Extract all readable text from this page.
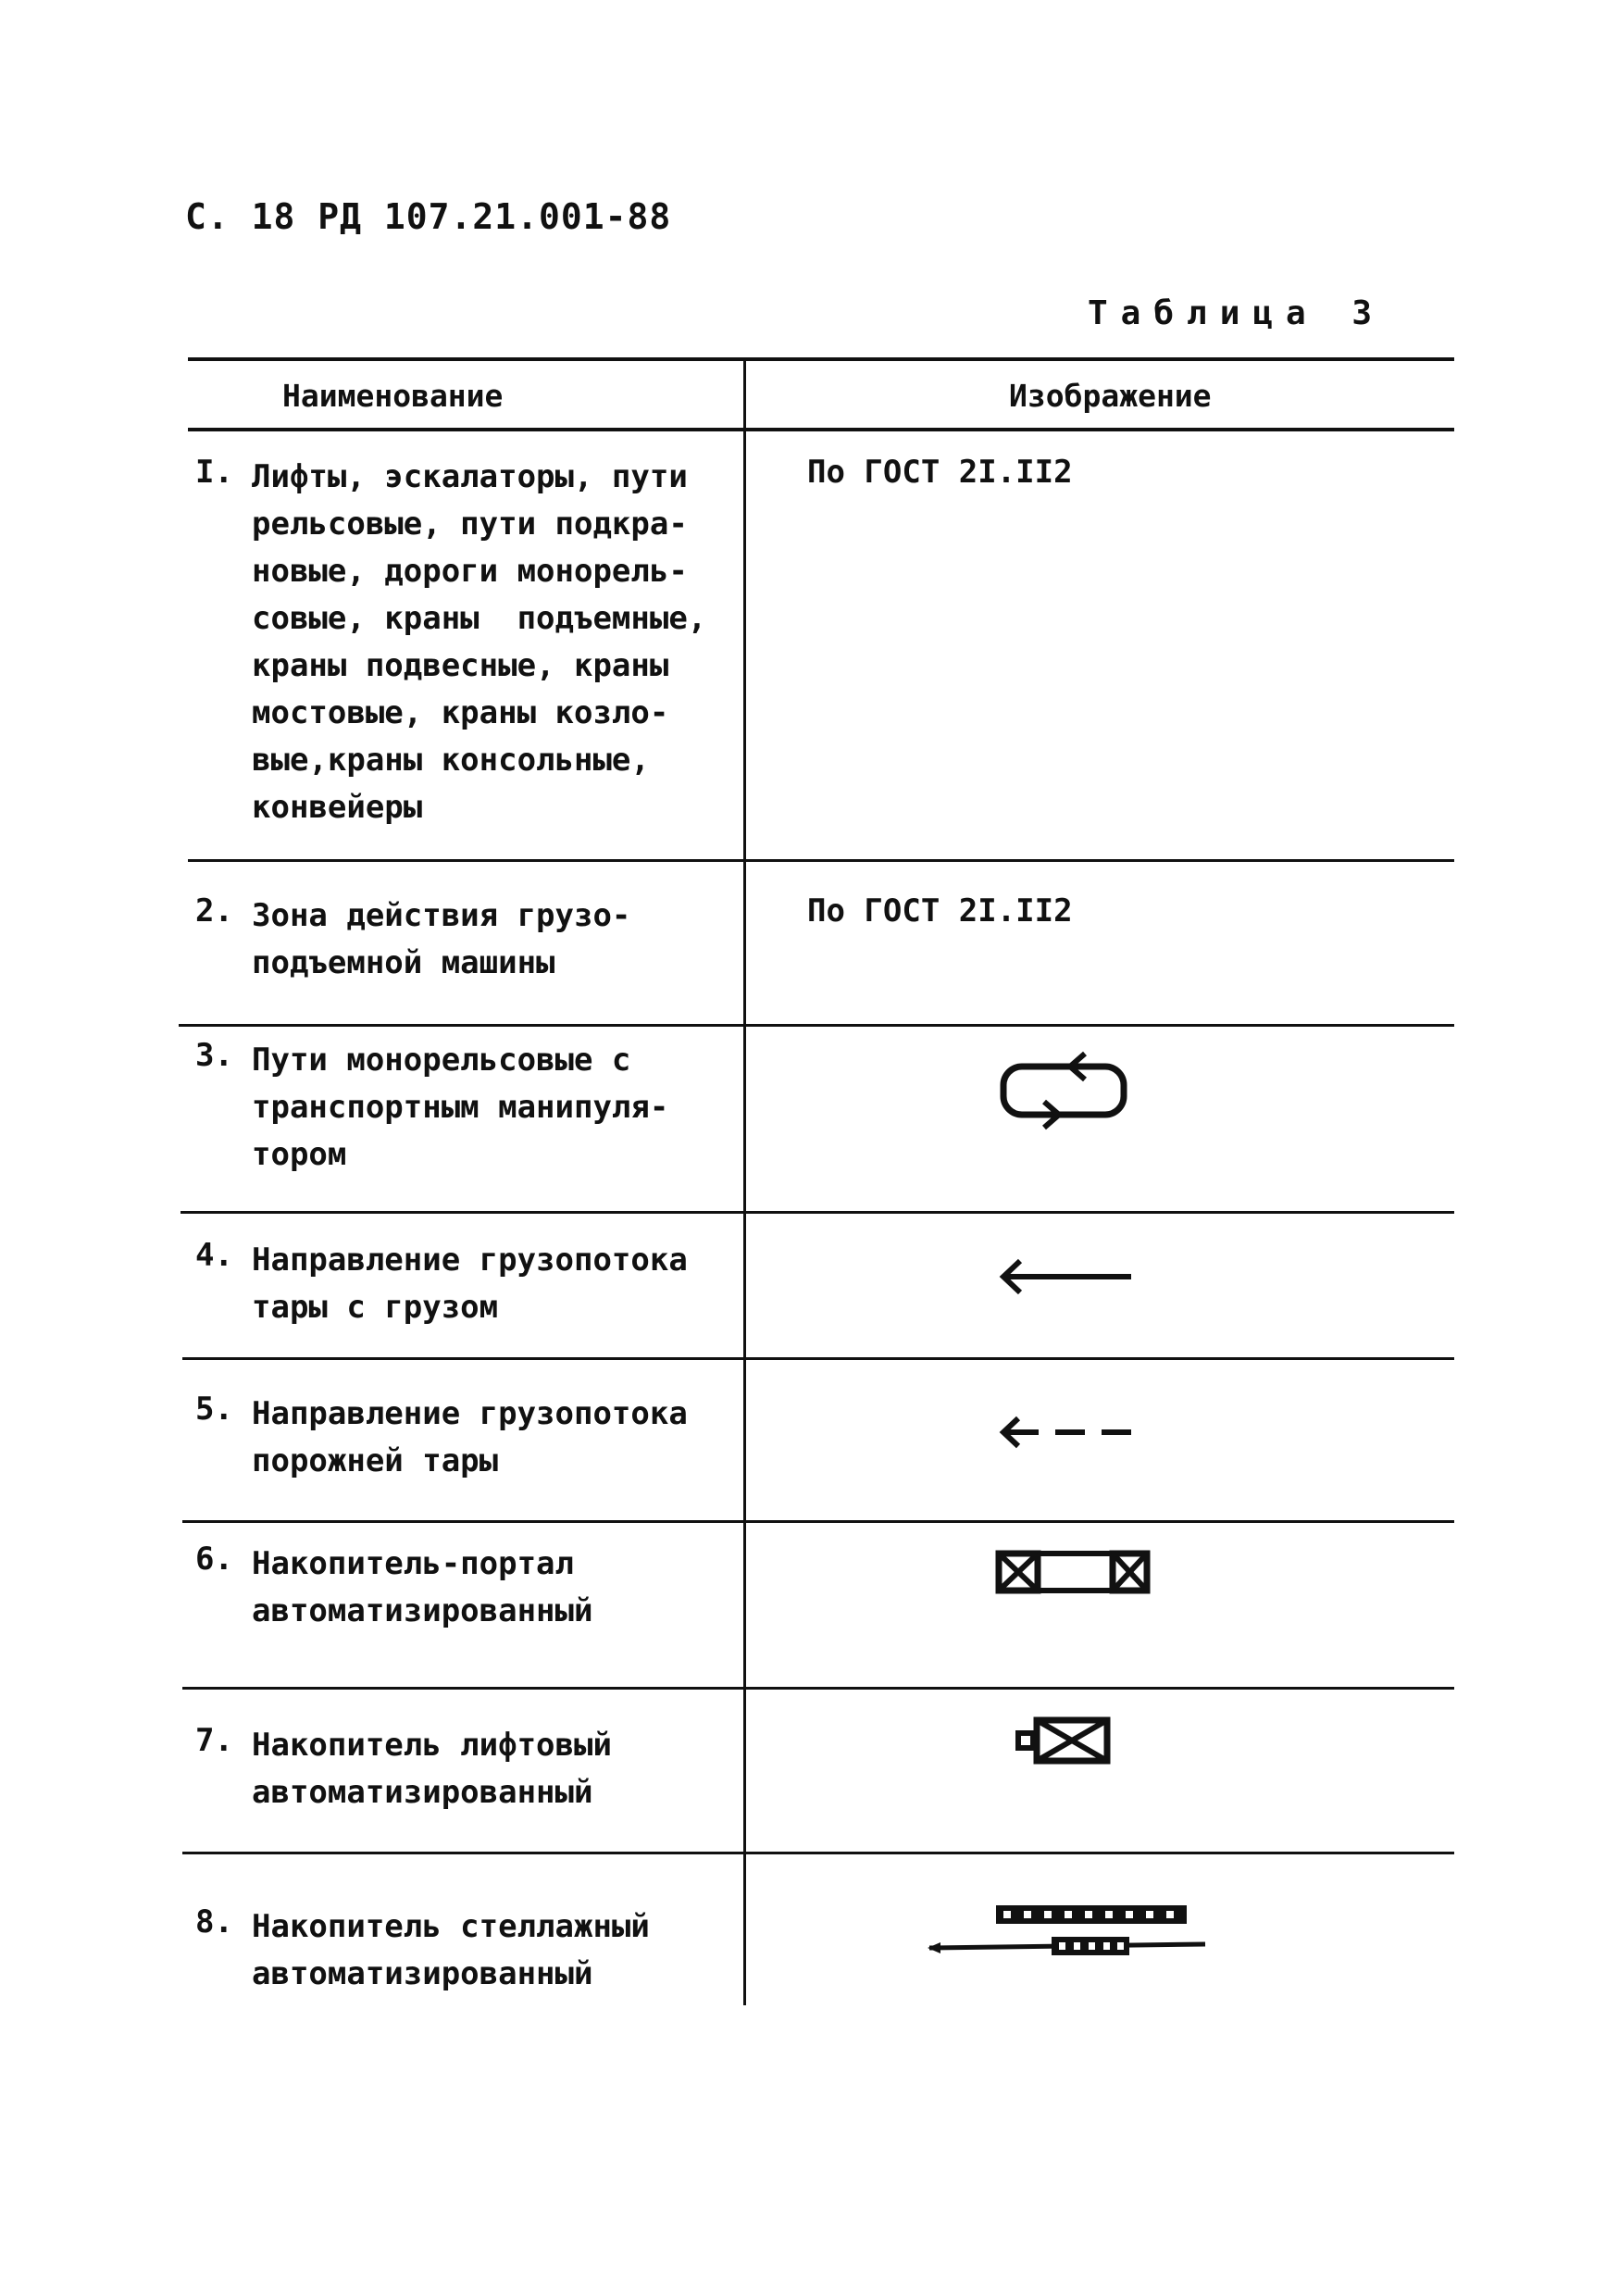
С. 18 РД 107.21.001-88
Таблица 3
Наименование	Изображение
I. Лифты, эскалаторы, пути
рельсовые, пути подкра-
новые, дороги монорель-
совые, краны  подъемные,
краны подвесные, краны
мостовые, краны козло-
вые,краны консольные,
конвейеры
По ГОСТ 2I.II2
2. Зона действия грузо-
подъемной машины
По ГОСТ 2I.II2
3. Пути монорельсовые с
транспортным манипуля-
тором
4. Направление грузопотока
тары с грузом
5. Направление грузопотока
порожней тары
6. Накопитель-портал
автоматизированный
7. Накопитель лифтовый
автоматизированный
8. Накопитель стеллажный
автоматизированный
